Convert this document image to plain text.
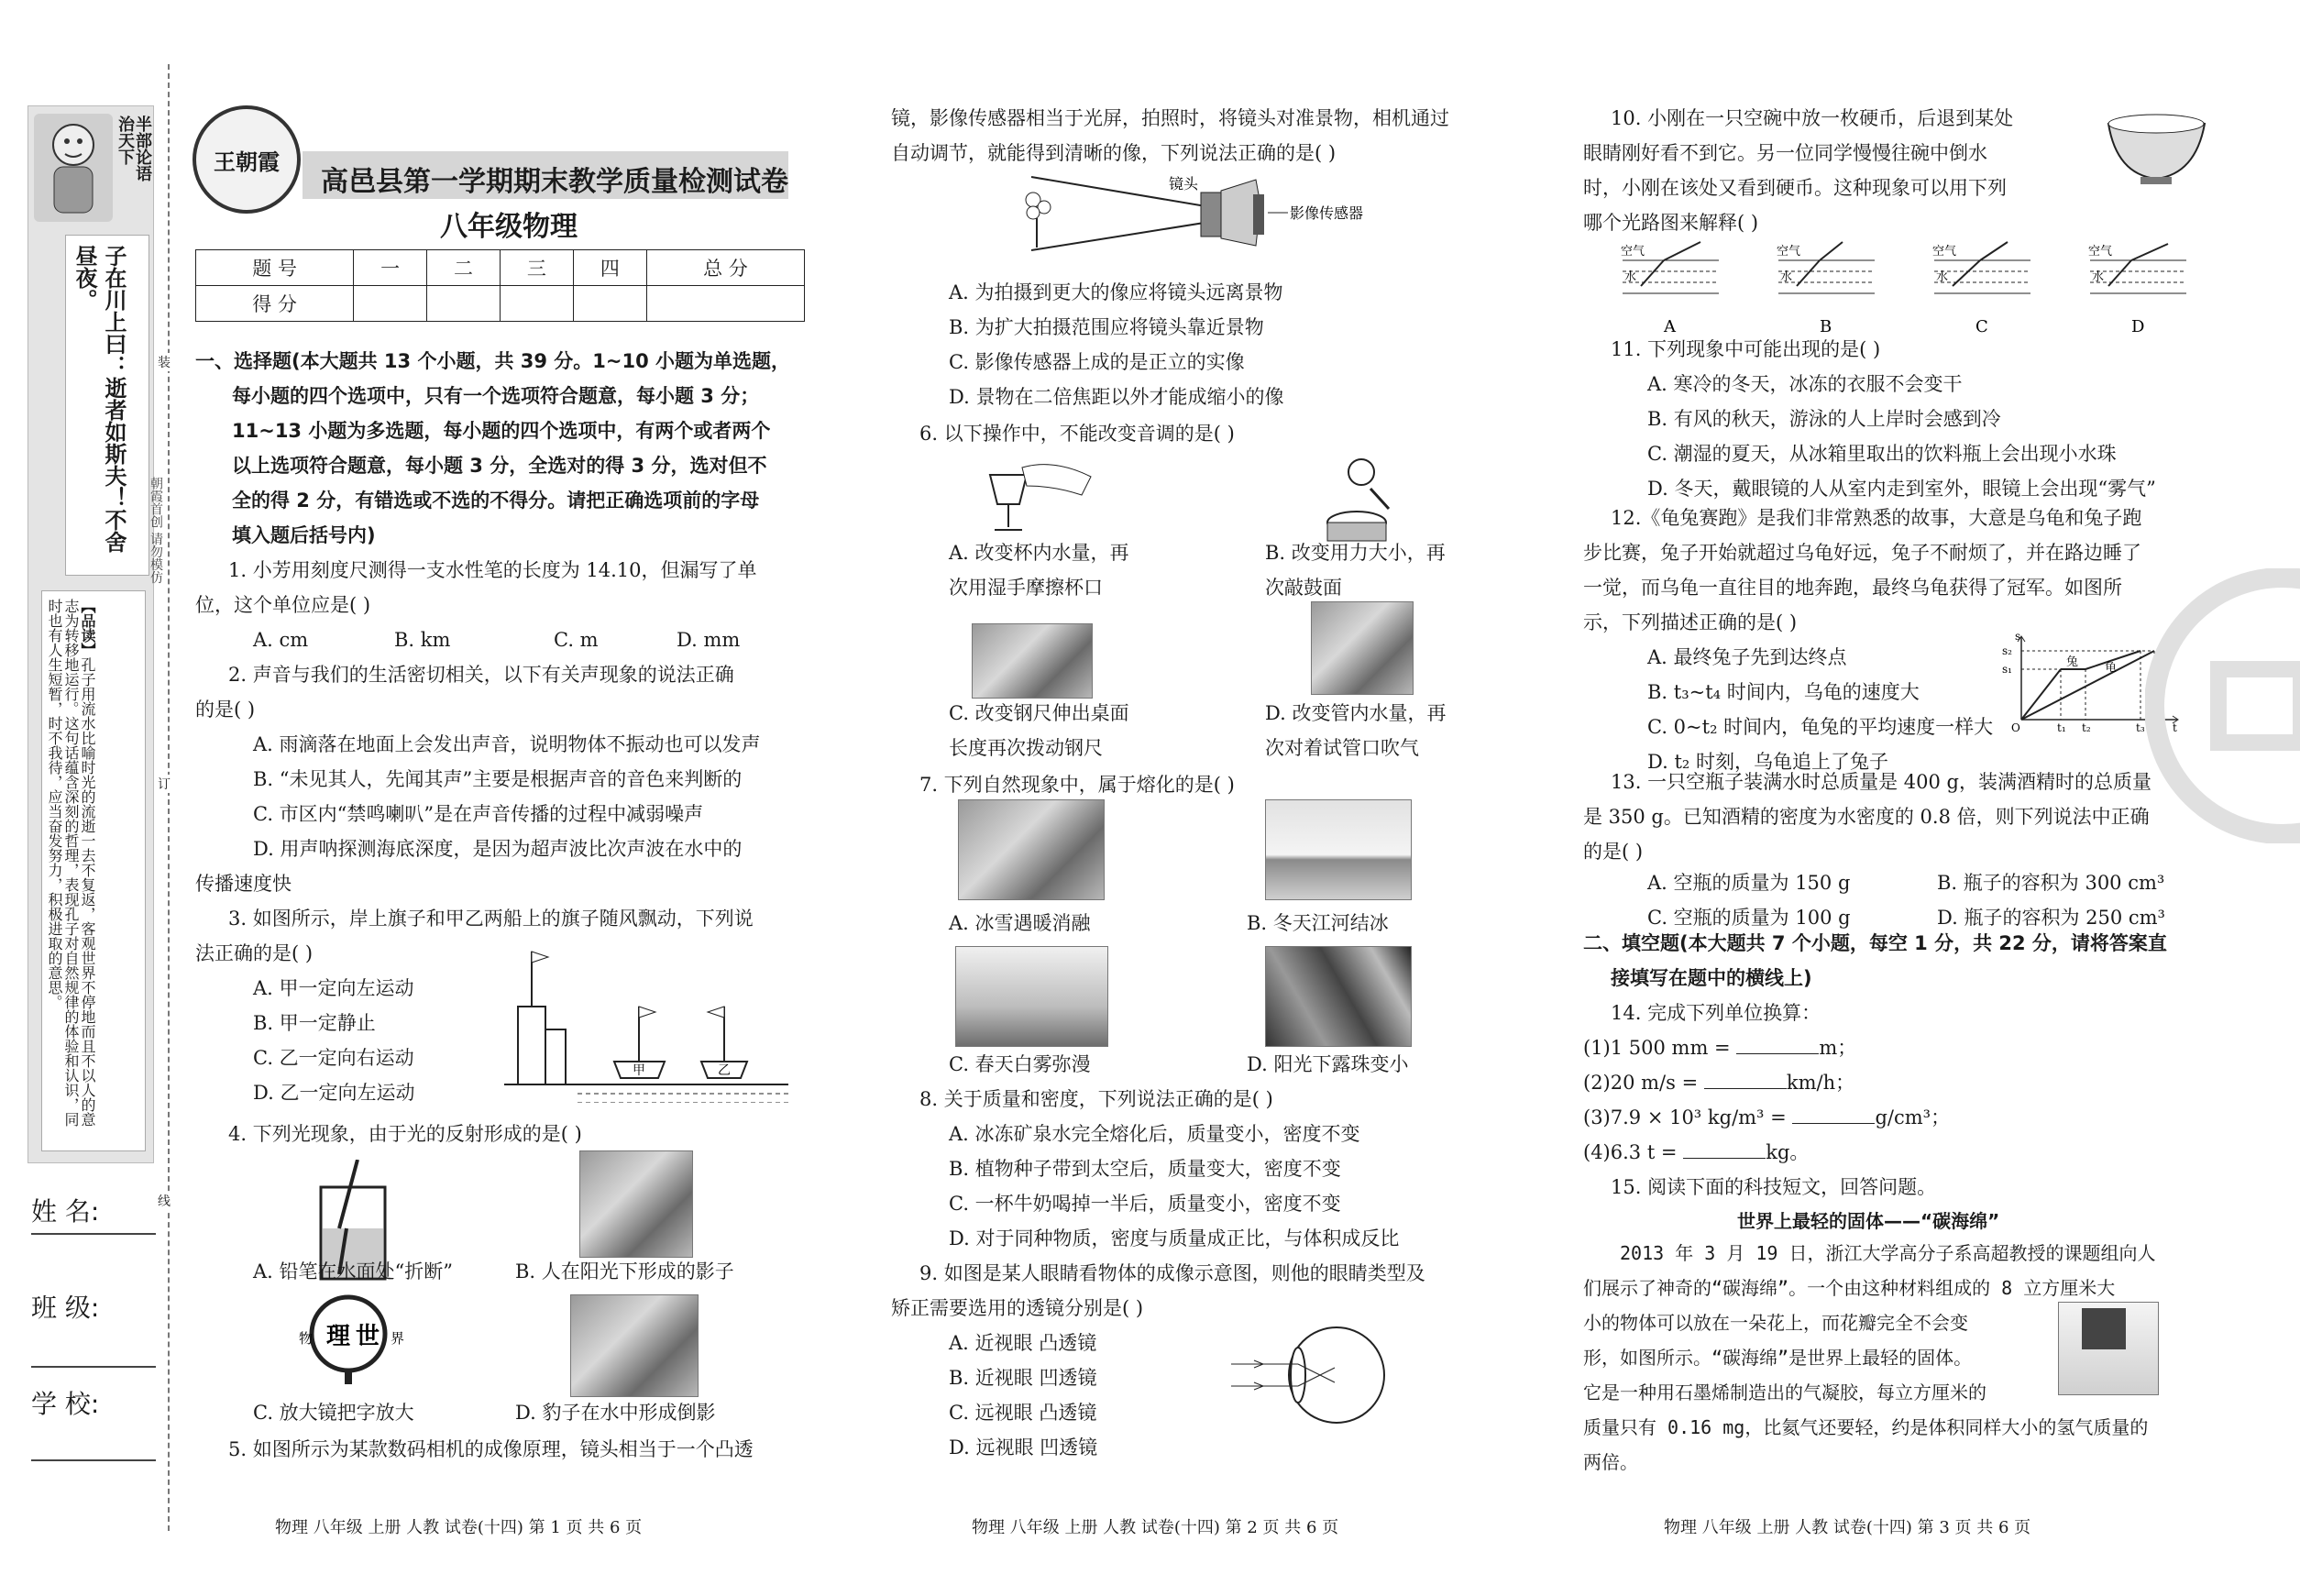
半部论语
治天下
子在川上曰：逝者如斯夫！不舍昼夜。
【品读】孔子用流水比喻时光的流逝一去不复返，客观世界不停地而且不以人的意志为转移地运行。这句话蕴含深刻的哲理，表现孔子对自然规律的体验和认识，同时也有人生短暂，时不我待，应当奋发努力，积极进取的意思。
姓 名:
班 级:
学 校:
装
订
线
朝霞首创 请勿模仿
王朝霞
高邑县第一学期期末教学质量检测试卷
八年级物理
题 号	一	二	三	四	总 分
得 分					
一、选择题(本大题共 13 个小题，共 39 分。1~10 小题为单选题，
每小题的四个选项中，只有一个选项符合题意，每小题 3 分；
11~13 小题为多选题，每小题的四个选项中，有两个或者两个
以上选项符合题意，每小题 3 分，全选对的得 3 分，选对但不
全的得 2 分，有错选或不选的不得分。请把正确选项前的字母
填入题后括号内)
1. 小芳用刻度尺测得一支水性笔的长度为 14.10，但漏写了单
位，这个单位应是( )
A. cm	B. km	C. m	D. mm
2. 声音与我们的生活密切相关，以下有关声现象的说法正确
的是( )
A. 雨滴落在地面上会发出声音，说明物体不振动也可以发声
B. “未见其人，先闻其声”主要是根据声音的音色来判断的
C. 市区内“禁鸣喇叭”是在声音传播的过程中减弱噪声
D. 用声呐探测海底深度，是因为超声波比次声波在水中的
传播速度快
3. 如图所示，岸上旗子和甲乙两船上的旗子随风飘动，下列说
法正确的是( )
A. 甲一定向左运动
B. 甲一定静止
C. 乙一定向右运动
D. 乙一定向左运动
甲	乙
4. 下列光现象，由于光的反射形成的是( )
A. 铅笔在水面处“折断”	B. 人在阳光下形成的影子
物 理 世 界
C. 放大镜把字放大	D. 豹子在水中形成倒影
5. 如图所示为某款数码相机的成像原理，镜头相当于一个凸透
物理 八年级 上册 人教 试卷(十四) 第 1 页 共 6 页
镜，影像传感器相当于光屏，拍照时，将镜头对准景物，相机通过
自动调节，就能得到清晰的像，下列说法正确的是( )
镜头
影像传感器
A. 为拍摄到更大的像应将镜头远离景物
B. 为扩大拍摄范围应将镜头靠近景物
C. 影像传感器上成的是正立的实像
D. 景物在二倍焦距以外才能成缩小的像
6. 以下操作中，不能改变音调的是( )
A. 改变杯内水量，再
次用湿手摩擦杯口
B. 改变用力大小，再
次敲鼓面
C. 改变钢尺伸出桌面
长度再次拨动钢尺
D. 改变管内水量，再
次对着试管口吹气
7. 下列自然现象中，属于熔化的是( )
A. 冰雪遇暖消融	B. 冬天江河结冰
C. 春天白雾弥漫	D. 阳光下露珠变小
8. 关于质量和密度，下列说法正确的是( )
A. 冰冻矿泉水完全熔化后，质量变小，密度不变
B. 植物种子带到太空后，质量变大，密度不变
C. 一杯牛奶喝掉一半后，质量变小，密度不变
D. 对于同种物质，密度与质量成正比，与体积成反比
9. 如图是某人眼睛看物体的成像示意图，则他的眼睛类型及
矫正需要选用的透镜分别是( )
A. 近视眼 凸透镜
B. 近视眼 凹透镜
C. 远视眼 凸透镜
D. 远视眼 凹透镜
物理 八年级 上册 人教 试卷(十四) 第 2 页 共 6 页
10. 小刚在一只空碗中放一枚硬币，后退到某处
眼睛刚好看不到它。另一位同学慢慢往碗中倒水
时，小刚在该处又看到硬币。这种现象可以用下列
哪个光路图来解释( )
空气
水
A
空气
水
B
空气
水
C
空气
水
D
11. 下列现象中可能出现的是( )
A. 寒冷的冬天，冰冻的衣服不会变干
B. 有风的秋天，游泳的人上岸时会感到冷
C. 潮湿的夏天，从冰箱里取出的饮料瓶上会出现小水珠
D. 冬天，戴眼镜的人从室内走到室外，眼镜上会出现“雾气”
12.《龟兔赛跑》是我们非常熟悉的故事，大意是乌龟和兔子跑
步比赛，兔子开始就超过乌龟好远，兔子不耐烦了，并在路边睡了
一觉，而乌龟一直往目的地奔跑，最终乌龟获得了冠军。如图所
示，下列描述正确的是( )
A. 最终兔子先到达终点
B. t₃~t₄ 时间内，乌龟的速度大
C. 0~t₂ 时间内，龟兔的平均速度一样大
D. t₂ 时刻，乌龟追上了兔子
s
s₂
s₁
O	t
t₁ t₂	t₃ t₄
兔 龟
13. 一只空瓶子装满水时总质量是 400 g，装满酒精时的总质量
是 350 g。已知酒精的密度为水密度的 0.8 倍，则下列说法中正确
的是( )
A. 空瓶的质量为 150 g	B. 瓶子的容积为 300 cm³
C. 空瓶的质量为 100 g	D. 瓶子的容积为 250 cm³
二、填空题(本大题共 7 个小题，每空 1 分，共 22 分，请将答案直
接填写在题中的横线上)
14. 完成下列单位换算：
(1)1 500 mm =	m；
(2)20 m/s =	km/h；
(3)7.9 × 10³ kg/m³ =	g/cm³；
(4)6.3 t =	kg。
15. 阅读下面的科技短文，回答问题。
世界上最轻的固体——“碳海绵”
2013 年 3 月 19 日，浙江大学高分子系高超教授的课题组向人
们展示了神奇的“碳海绵”。一个由这种材料组成的 8 立方厘米大
小的物体可以放在一朵花上，而花瓣完全不会变
形，如图所示。“碳海绵”是世界上最轻的固体。
它是一种用石墨烯制造出的气凝胶，每立方厘米的
质量只有 0.16 mg，比氦气还要轻，约是体积同样大小的氢气质量的
两倍。
物理 八年级 上册 人教 试卷(十四) 第 3 页 共 6 页
